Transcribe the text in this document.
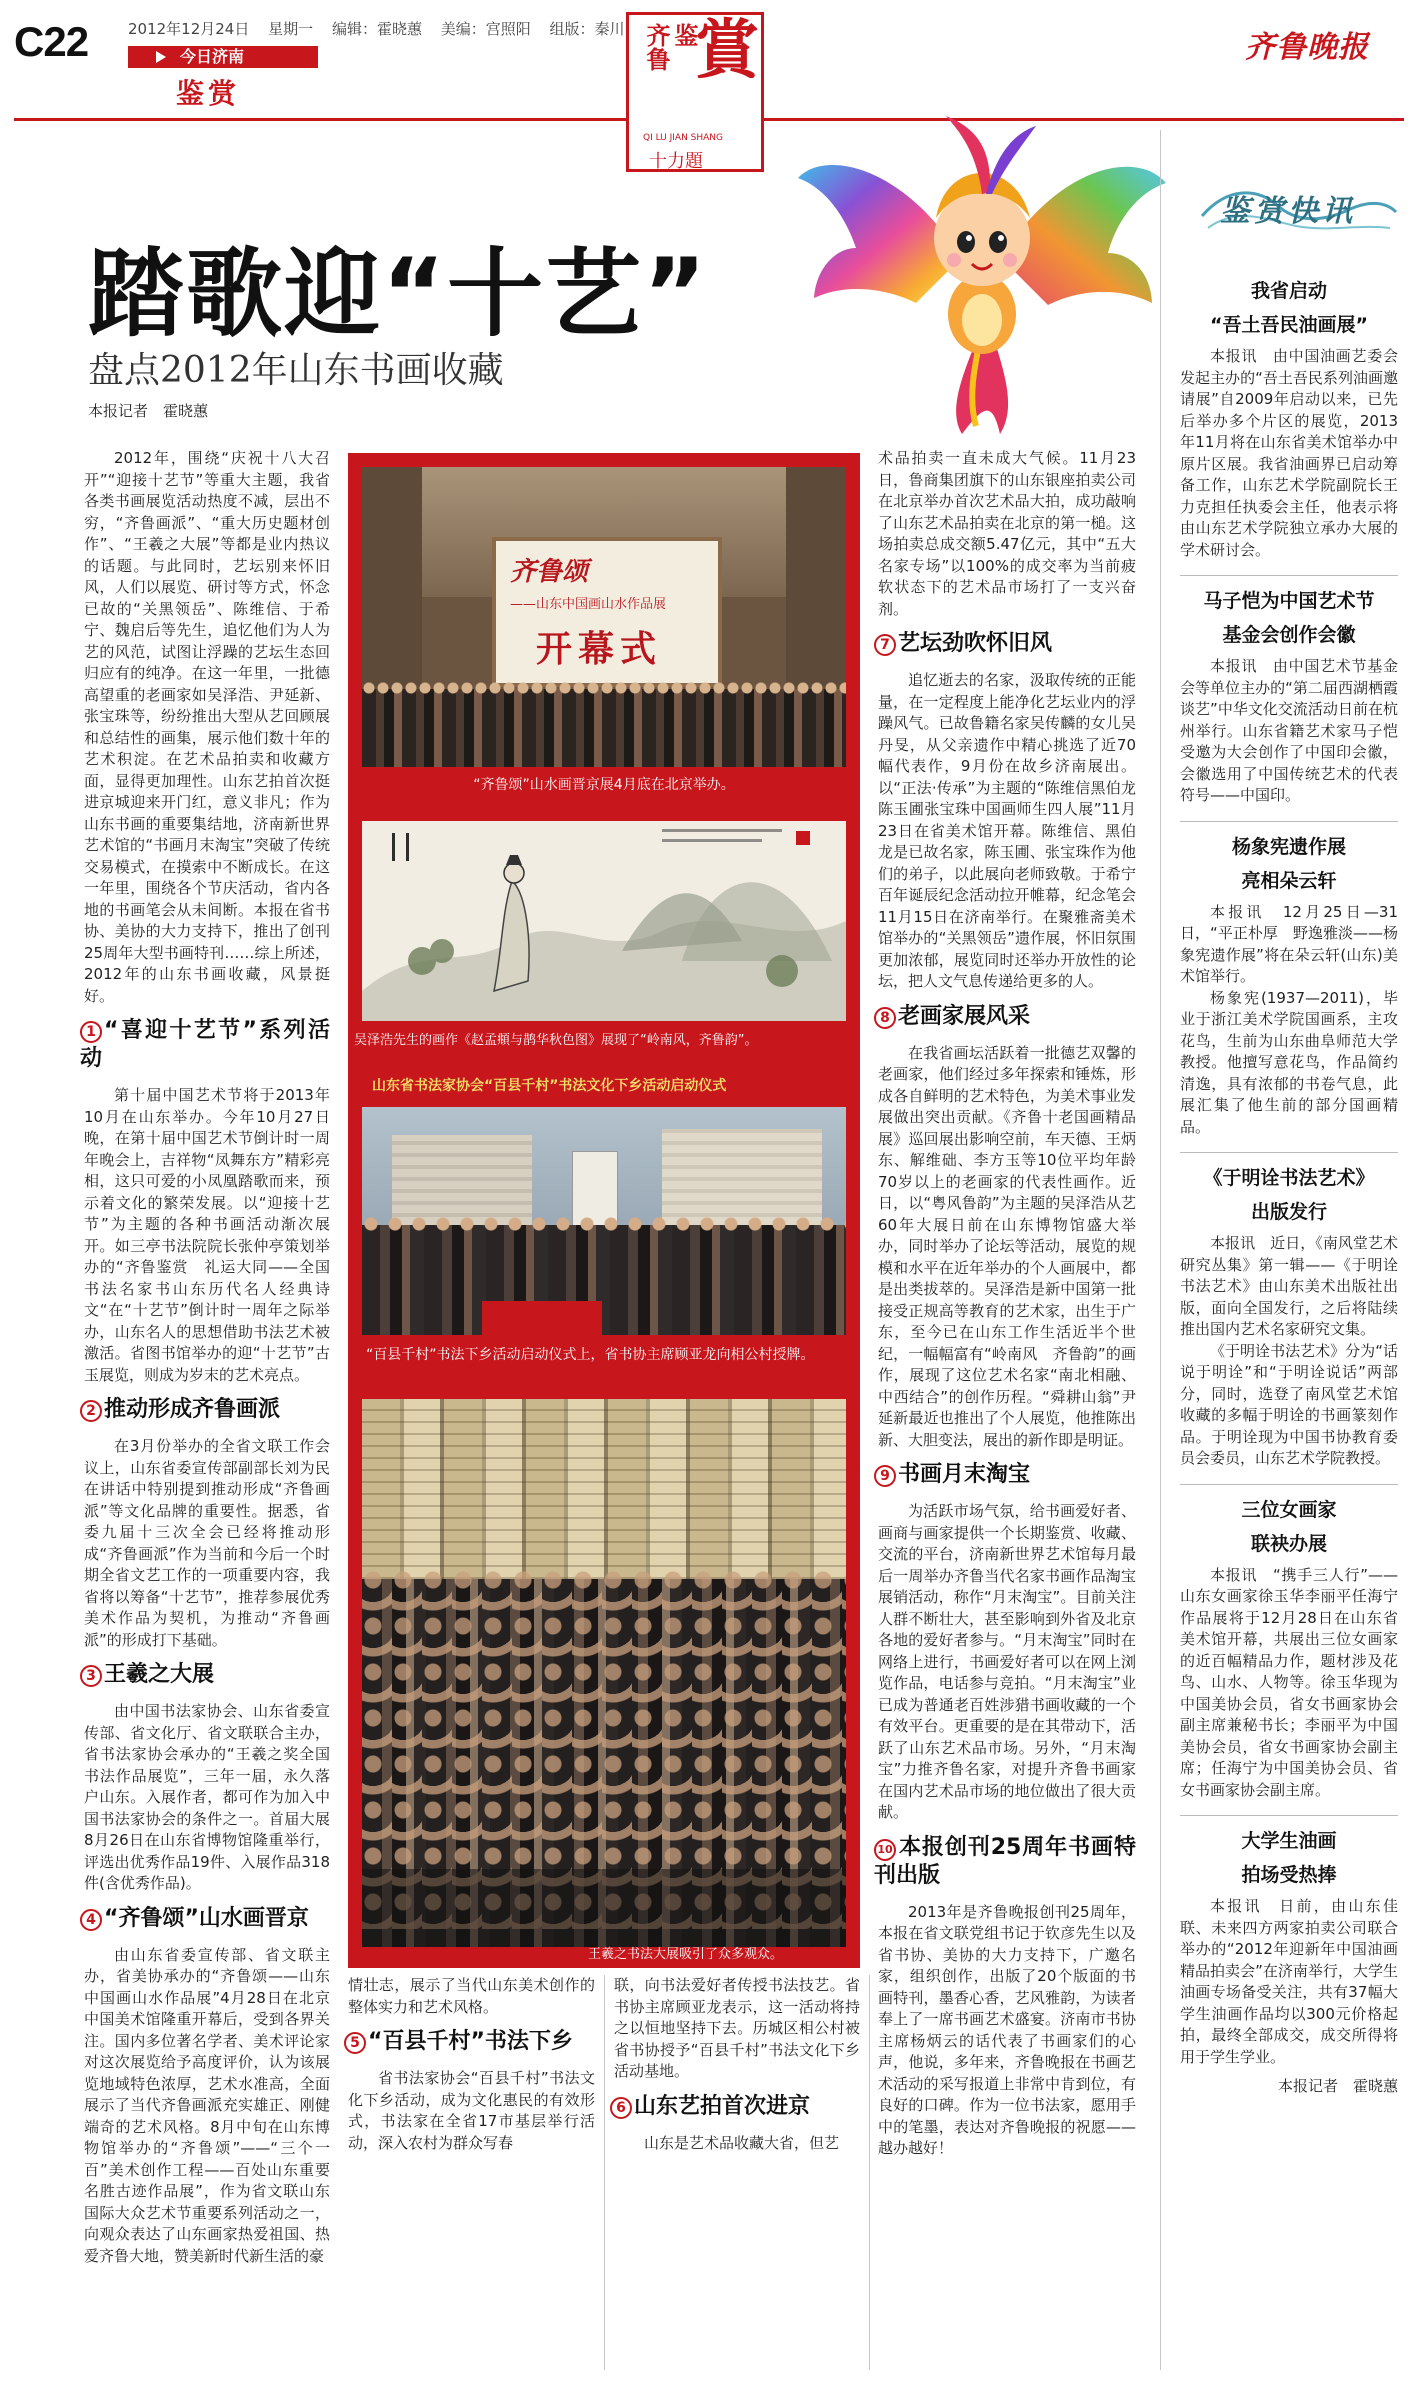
C22	2012年12月24日 星期一 编辑：霍晓蕙 美编：宫照阳 组版：秦川
今日济南
鉴赏
齐鲁 鉴
賞
QI LU JIAN SHANG
十力題
齐鲁晚报
鉴赏快讯
踏歌迎“十艺”
盘点2012年山东书画收藏
本报记者　霍晓蕙

2012年，围绕“庆祝十八大召开”“迎接十艺节”等重大主题，我省各类书画展览活动热度不减，层出不穷，“齐鲁画派”、“重大历史题材创作”、“王羲之大展”等都是业内热议的话题。与此同时，艺坛别来怀旧风，人们以展览、研讨等方式，怀念已故的“关黑领岳”、陈维信、于希宁、魏启后等先生，追忆他们为人为艺的风范，试图让浮躁的艺坛生态回归应有的纯净。在这一年里，一批德高望重的老画家如吴泽浩、尹延新、张宝珠等，纷纷推出大型从艺回顾展和总结性的画集，展示他们数十年的艺术积淀。在艺术品拍卖和收藏方面，显得更加理性。山东艺拍首次挺进京城迎来开门红，意义非凡；作为山东书画的重要集结地，济南新世界艺术馆的“书画月末淘宝”突破了传统交易模式，在摸索中不断成长。在这一年里，围绕各个节庆活动，省内各地的书画笔会从未间断。本报在省书协、美协的大力支持下，推出了创刊25周年大型书画特刊……综上所述，2012年的山东书画收藏，风景挺好。

1 “喜迎十艺节”系列活动

第十届中国艺术节将于2013年10月在山东举办。今年10月27日晚，在第十届中国艺术节倒计时一周年晚会上，吉祥物“凤舞东方”精彩亮相，这只可爱的小凤凰踏歌而来，预示着文化的繁荣发展。以“迎接十艺节”为主题的各种书画活动渐次展开。如三亭书法院院长张仲亭策划举办的“齐鲁鉴赏　礼运大同——全国书法名家书山东历代名人经典诗文“在“十艺节”倒计时一周年之际举办，山东名人的思想借助书法艺术被激活。省图书馆举办的迎“十艺节”古玉展览，则成为岁末的艺术亮点。

2 推动形成齐鲁画派

在3月份举办的全省文联工作会议上，山东省委宣传部副部长刘为民在讲话中特别提到推动形成“齐鲁画派”等文化品牌的重要性。据悉，省委九届十三次全会已经将推动形成“齐鲁画派”作为当前和今后一个时期全省文艺工作的一项重要内容，我省将以筹备“十艺节”，推荐参展优秀美术作品为契机，为推动“齐鲁画派”的形成打下基础。

3 王羲之大展

由中国书法家协会、山东省委宣传部、省文化厅、省文联联合主办，省书法家协会承办的“王羲之奖全国书法作品展览”，三年一届，永久落户山东。入展作者，都可作为加入中国书法家协会的条件之一。首届大展8月26日在山东省博物馆隆重举行，评选出优秀作品19件、入展作品318件(含优秀作品)。

4 “齐鲁颂”山水画晋京

由山东省委宣传部、省文联主办，省美协承办的“齐鲁颂——山东中国画山水作品展”4月28日在北京中国美术馆隆重开幕后，受到各界关注。国内多位著名学者、美术评论家对这次展览给予高度评价，认为该展览地域特色浓厚，艺术水准高，全面展示了当代齐鲁画派充实雄正、刚健端奇的艺术风格。8月中旬在山东博物馆举办的“齐鲁颂”——“三个一百”美术创作工程——百处山东重要名胜古迹作品展”，作为省文联山东国际大众艺术节重要系列活动之一，向观众表达了山东画家热爱祖国、热爱齐鲁大地，赞美新时代新生活的豪

齐鲁颂
——山东中国画山水作品展
开幕式
“齐鲁颂”山水画晋京展4月底在北京举办。
吴泽浩先生的画作《赵孟頫与鹊华秋色图》展现了“岭南风，齐鲁韵”。
山东省书法家协会“百县千村”书法文化下乡活动启动仪式
“百县千村”书法下乡活动启动仪式上，省书协主席顾亚龙向相公村授牌。
王羲之书法大展吸引了众多观众。

情壮志，展示了当代山东美术创作的整体实力和艺术风格。

5 “百县千村”书法下乡

省书法家协会“百县千村”书法文化下乡活动，成为文化惠民的有效形式，书法家在全省17市基层举行活动，深入农村为群众写春

联，向书法爱好者传授书法技艺。省书协主席顾亚龙表示，这一活动将持之以恒地坚持下去。历城区相公村被省书协授予“百县千村”书法文化下乡活动基地。

6 山东艺拍首次进京

山东是艺术品收藏大省，但艺

术品拍卖一直未成大气候。11月23日，鲁商集团旗下的山东银座拍卖公司在北京举办首次艺术品大拍，成功敲响了山东艺术品拍卖在北京的第一槌。这场拍卖总成交额5.47亿元，其中“五大名家专场”以100%的成交率为当前疲软状态下的艺术品市场打了一支兴奋剂。

7 艺坛劲吹怀旧风

追忆逝去的名家，汲取传统的正能量，在一定程度上能净化艺坛业内的浮躁风气。已故鲁籍名家吴传麟的女儿吴丹旻，从父亲遗作中精心挑选了近70幅代表作，9月份在故乡济南展出。以“正法·传承”为主题的“陈维信黑伯龙陈玉圃张宝珠中国画师生四人展”11月23日在省美术馆开幕。陈维信、黑伯龙是已故名家，陈玉圃、张宝珠作为他们的弟子，以此展向老师致敬。于希宁百年诞辰纪念活动拉开帷幕，纪念笔会11月15日在济南举行。在聚雅斋美术馆举办的“关黑领岳”遗作展，怀旧氛围更加浓郁，展览同时还举办开放性的论坛，把人文气息传递给更多的人。

8 老画家展风采

在我省画坛活跃着一批德艺双馨的老画家，他们经过多年探索和锤炼，形成各自鲜明的艺术特色，为美术事业发展做出突出贡献。《齐鲁十老国画精品展》巡回展出影响空前，车天德、王炳东、解维础、李方玉等10位平均年龄70岁以上的老画家的代表性画作。近日，以“粤风鲁韵”为主题的吴泽浩从艺60年大展日前在山东博物馆盛大举办，同时举办了论坛等活动，展览的规模和水平在近年举办的个人画展中，都是出类拔萃的。吴泽浩是新中国第一批接受正规高等教育的艺术家，出生于广东，至今已在山东工作生活近半个世纪，一幅幅富有“岭南风　齐鲁韵”的画作，展现了这位艺术名家“南北相融、中西结合”的创作历程。“舜耕山翁”尹延新最近也推出了个人展览，他推陈出新、大胆变法，展出的新作即是明证。

9 书画月末淘宝

为活跃市场气氛，给书画爱好者、画商与画家提供一个长期鉴赏、收藏、交流的平台，济南新世界艺术馆每月最后一周举办齐鲁当代名家书画作品淘宝展销活动，称作“月末淘宝”。目前关注人群不断壮大，甚至影响到外省及北京各地的爱好者参与。“月末淘宝”同时在网络上进行，书画爱好者可以在网上浏览作品，电话参与竞拍。“月末淘宝”业已成为普通老百姓涉猎书画收藏的一个有效平台。更重要的是在其带动下，活跃了山东艺术品市场。另外，“月末淘宝”力推齐鲁名家，对提升齐鲁书画家在国内艺术品市场的地位做出了很大贡献。

10 本报创刊25周年书画特刊出版

2013年是齐鲁晚报创刊25周年，本报在省文联党组书记于钦彦先生以及省书协、美协的大力支持下，广邀名家，组织创作，出版了20个版面的书画特刊，墨香心香，艺风雅韵，为读者奉上了一席书画艺术盛宴。济南市书协主席杨炳云的话代表了书画家们的心声，他说，多年来，齐鲁晚报在书画艺术活动的采写报道上非常中肯到位，有良好的口碑。作为一位书法家，愿用手中的笔墨，表达对齐鲁晚报的祝愿——越办越好！

我省启动
“吾土吾民油画展”

本报讯　由中国油画艺委会发起主办的“吾土吾民系列油画邀请展”自2009年启动以来，已先后举办多个片区的展览，2013年11月将在山东省美术馆举办中原片区展。我省油画界已启动筹备工作，山东艺术学院副院长王力克担任执委会主任，他表示将由山东艺术学院独立承办大展的学术研讨会。

马子恺为中国艺术节
基金会创作会徽

本报讯　由中国艺术节基金会等单位主办的“第二届西湖栖霞谈艺”中华文化交流活动日前在杭州举行。山东省籍艺术家马子恺受邀为大会创作了中国印会徽，会徽选用了中国传统艺术的代表符号——中国印。

杨象宪遗作展
亮相朵云轩

本报讯　12月25日—31日，“平正朴厚　野逸雅淡——杨象宪遗作展”将在朵云轩(山东)美术馆举行。

杨象宪(1937—2011)，毕业于浙江美术学院国画系，主攻花鸟，生前为山东曲阜师范大学教授。他擅写意花鸟，作品简约清逸，具有浓郁的书卷气息，此展汇集了他生前的部分国画精品。

《于明诠书法艺术》
出版发行

本报讯　近日，《南风堂艺术研究丛集》第一辑——《于明诠书法艺术》由山东美术出版社出版，面向全国发行，之后将陆续推出国内艺术名家研究文集。

《于明诠书法艺术》分为“话说于明诠”和“于明诠说话”两部分，同时，选登了南风堂艺术馆收藏的多幅于明诠的书画篆刻作品。于明诠现为中国书协教育委员会委员，山东艺术学院教授。

三位女画家
联袂办展

本报讯　“携手三人行”——山东女画家徐玉华李丽平任海宁作品展将于12月28日在山东省美术馆开幕，共展出三位女画家的近百幅精品力作，题材涉及花鸟、山水、人物等。徐玉华现为中国美协会员，省女书画家协会副主席兼秘书长；李丽平为中国美协会员，省女书画家协会副主席；任海宁为中国美协会员、省女书画家协会副主席。

大学生油画
拍场受热捧

本报讯　日前，由山东佳联、未来四方两家拍卖公司联合举办的“2012年迎新年中国油画精品拍卖会”在济南举行，大学生油画专场备受关注，共有37幅大学生油画作品均以300元价格起拍，最终全部成交，成交所得将用于学生学业。

本报记者　霍晓蕙
